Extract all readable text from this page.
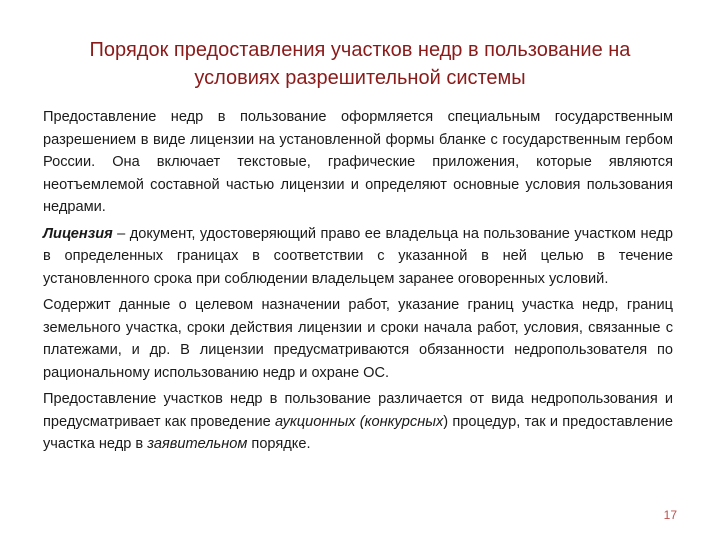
Порядок предоставления участков недр в пользование на
условиях разрешительной системы

Предоставление недр в пользование оформляется специальным государственным разрешением в виде лицензии на установленной формы бланке с государственным гербом России. Она включает текстовые, графические приложения, которые являются неотъемлемой составной частью лицензии и определяют основные условия пользования недрами.

Лицензия – документ, удостоверяющий право ее владельца на пользование участком недр в определенных границах в соответствии с указанной в ней целью в течение установленного срока при соблюдении владельцем заранее оговоренных условий.

Содержит данные о целевом назначении работ, указание границ участка недр, границ земельного участка, сроки действия лицензии и сроки начала работ, условия, связанные с платежами, и др. В лицензии предусматриваются обязанности недропользователя по рациональному использованию недр и охране ОС.

Предоставление участков недр в пользование различается от вида недропользования и предусматривает как проведение аукционных (конкурсных) процедур, так и предоставление участка недр в заявительном порядке.

17
